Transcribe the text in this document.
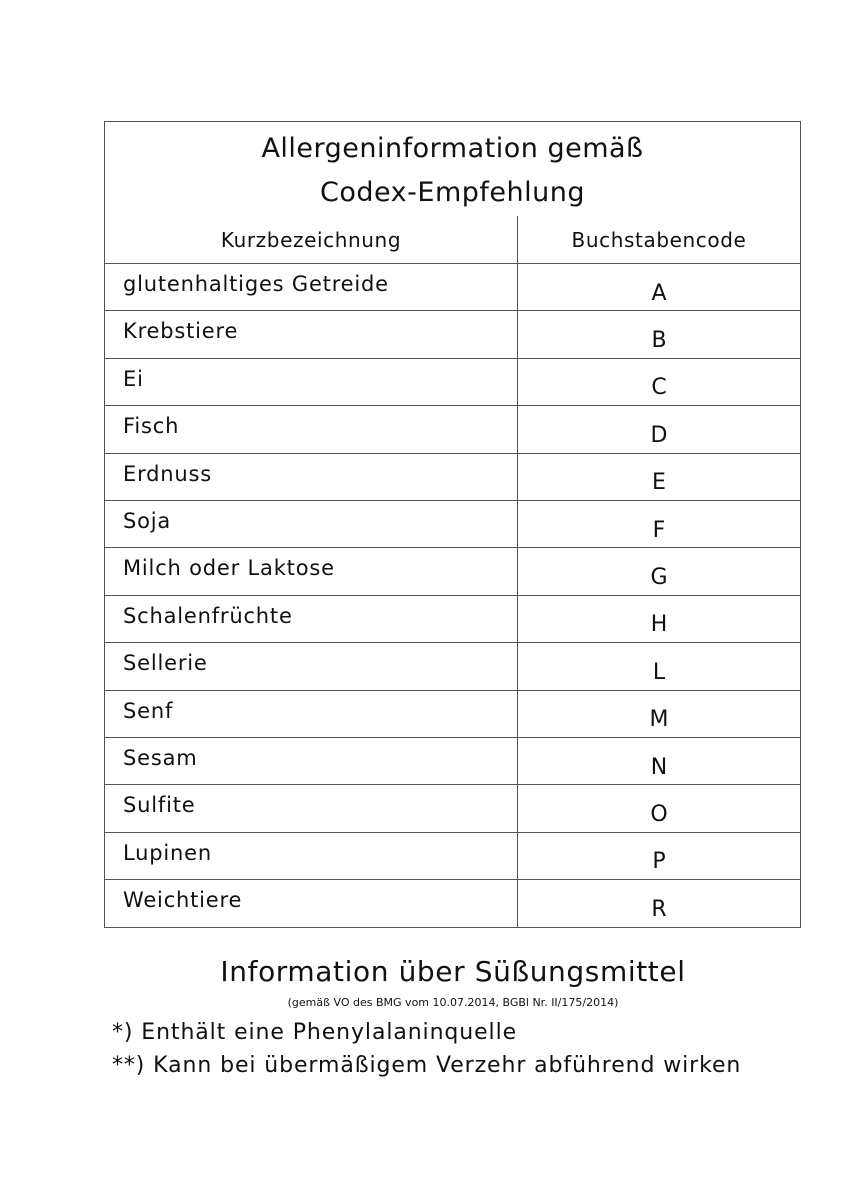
Allergeninformation gemäß
Codex-Empfehlung
Kurzbezeichnung	Buchstabencode
glutenhaltiges Getreide	A
Krebstiere	B
Ei	C
Fisch	D
Erdnuss	E
Soja	F
Milch oder Laktose	G
Schalenfrüchte	H
Sellerie	L
Senf	M
Sesam	N
Sulfite	O
Lupinen	P
Weichtiere	R
Information über Süßungsmittel
(gemäß VO des BMG vom 10.07.2014, BGBl Nr. II/175/2014)
*) Enthält eine Phenylalaninquelle
**) Kann bei übermäßigem Verzehr abführend wirken
